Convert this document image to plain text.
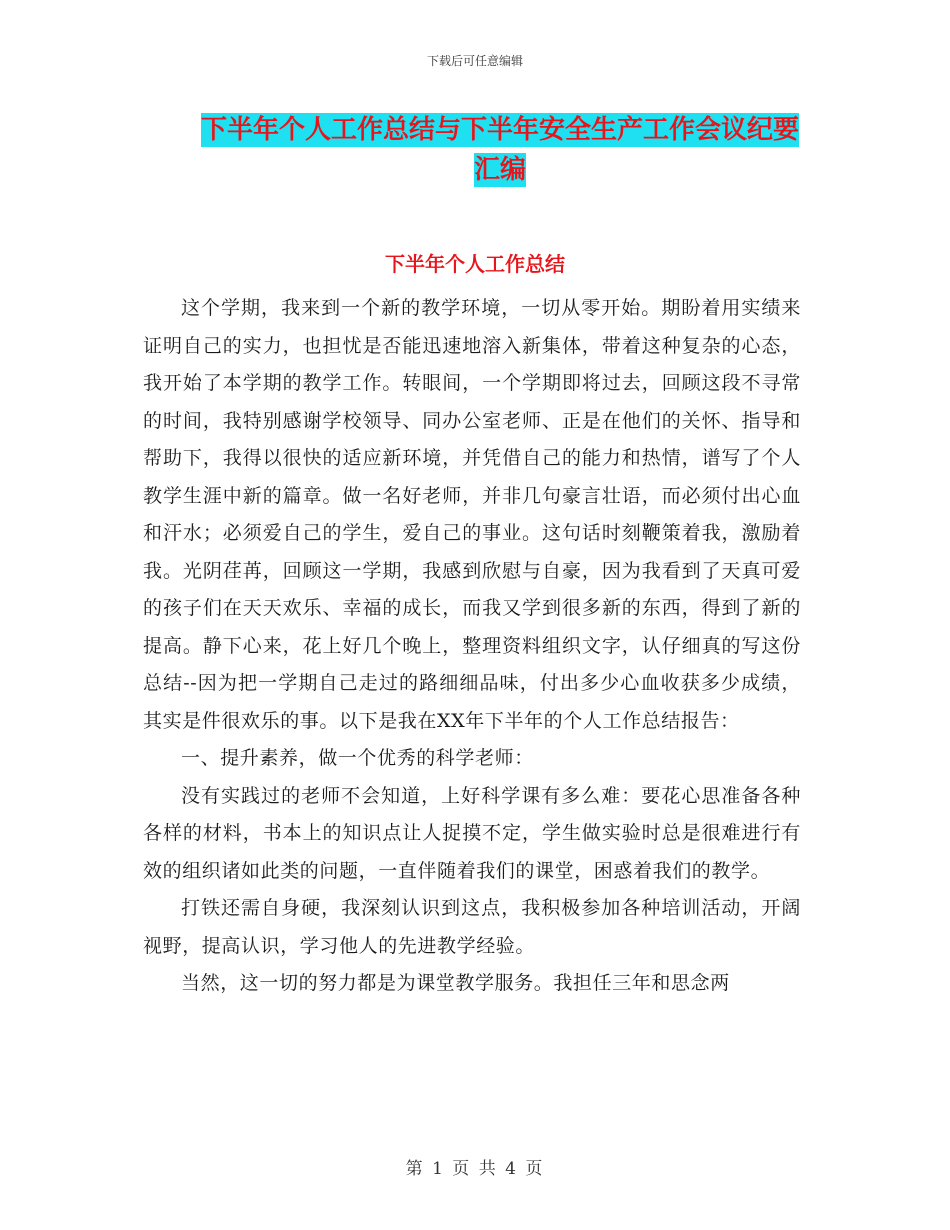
下载后可任意编辑
下半年个人工作总结与下半年安全生产工作会议纪要
汇编
下半年个人工作总结

这个学期，我来到一个新的教学环境，一切从零开始。期盼着用实绩来证明自己的实力，也担忧是否能迅速地溶入新集体，带着这种复杂的心态，我开始了本学期的教学工作。转眼间，一个学期即将过去，回顾这段不寻常的时间，我特别感谢学校领导、同办公室老师、正是在他们的关怀、指导和帮助下，我得以很快的适应新环境，并凭借自己的能力和热情，谱写了个人教学生涯中新的篇章。做一名好老师，并非几句豪言壮语，而必须付出心血和汗水；必须爱自己的学生，爱自己的事业。这句话时刻鞭策着我，激励着我。光阴荏苒，回顾这一学期，我感到欣慰与自豪，因为我看到了天真可爱的孩子们在天天欢乐、幸福的成长，而我又学到很多新的东西，得到了新的提高。静下心来，花上好几个晚上，整理资料组织文字，认仔细真的写这份总结--因为把一学期自己走过的路细细品味，付出多少心血收获多少成绩，其实是件很欢乐的事。以下是我在XX年下半年的个人工作总结报告：

一、提升素养，做一个优秀的科学老师：

没有实践过的老师不会知道，上好科学课有多么难：要花心思准备各种各样的材料，书本上的知识点让人捉摸不定，学生做实验时总是很难进行有效的组织诸如此类的问题，一直伴随着我们的课堂，困惑着我们的教学。

打铁还需自身硬，我深刻认识到这点，我积极参加各种培训活动，开阔视野，提高认识，学习他人的先进教学经验。

当然，这一切的努力都是为课堂教学服务。我担任三年和思念两

第 1 页 共 4 页
